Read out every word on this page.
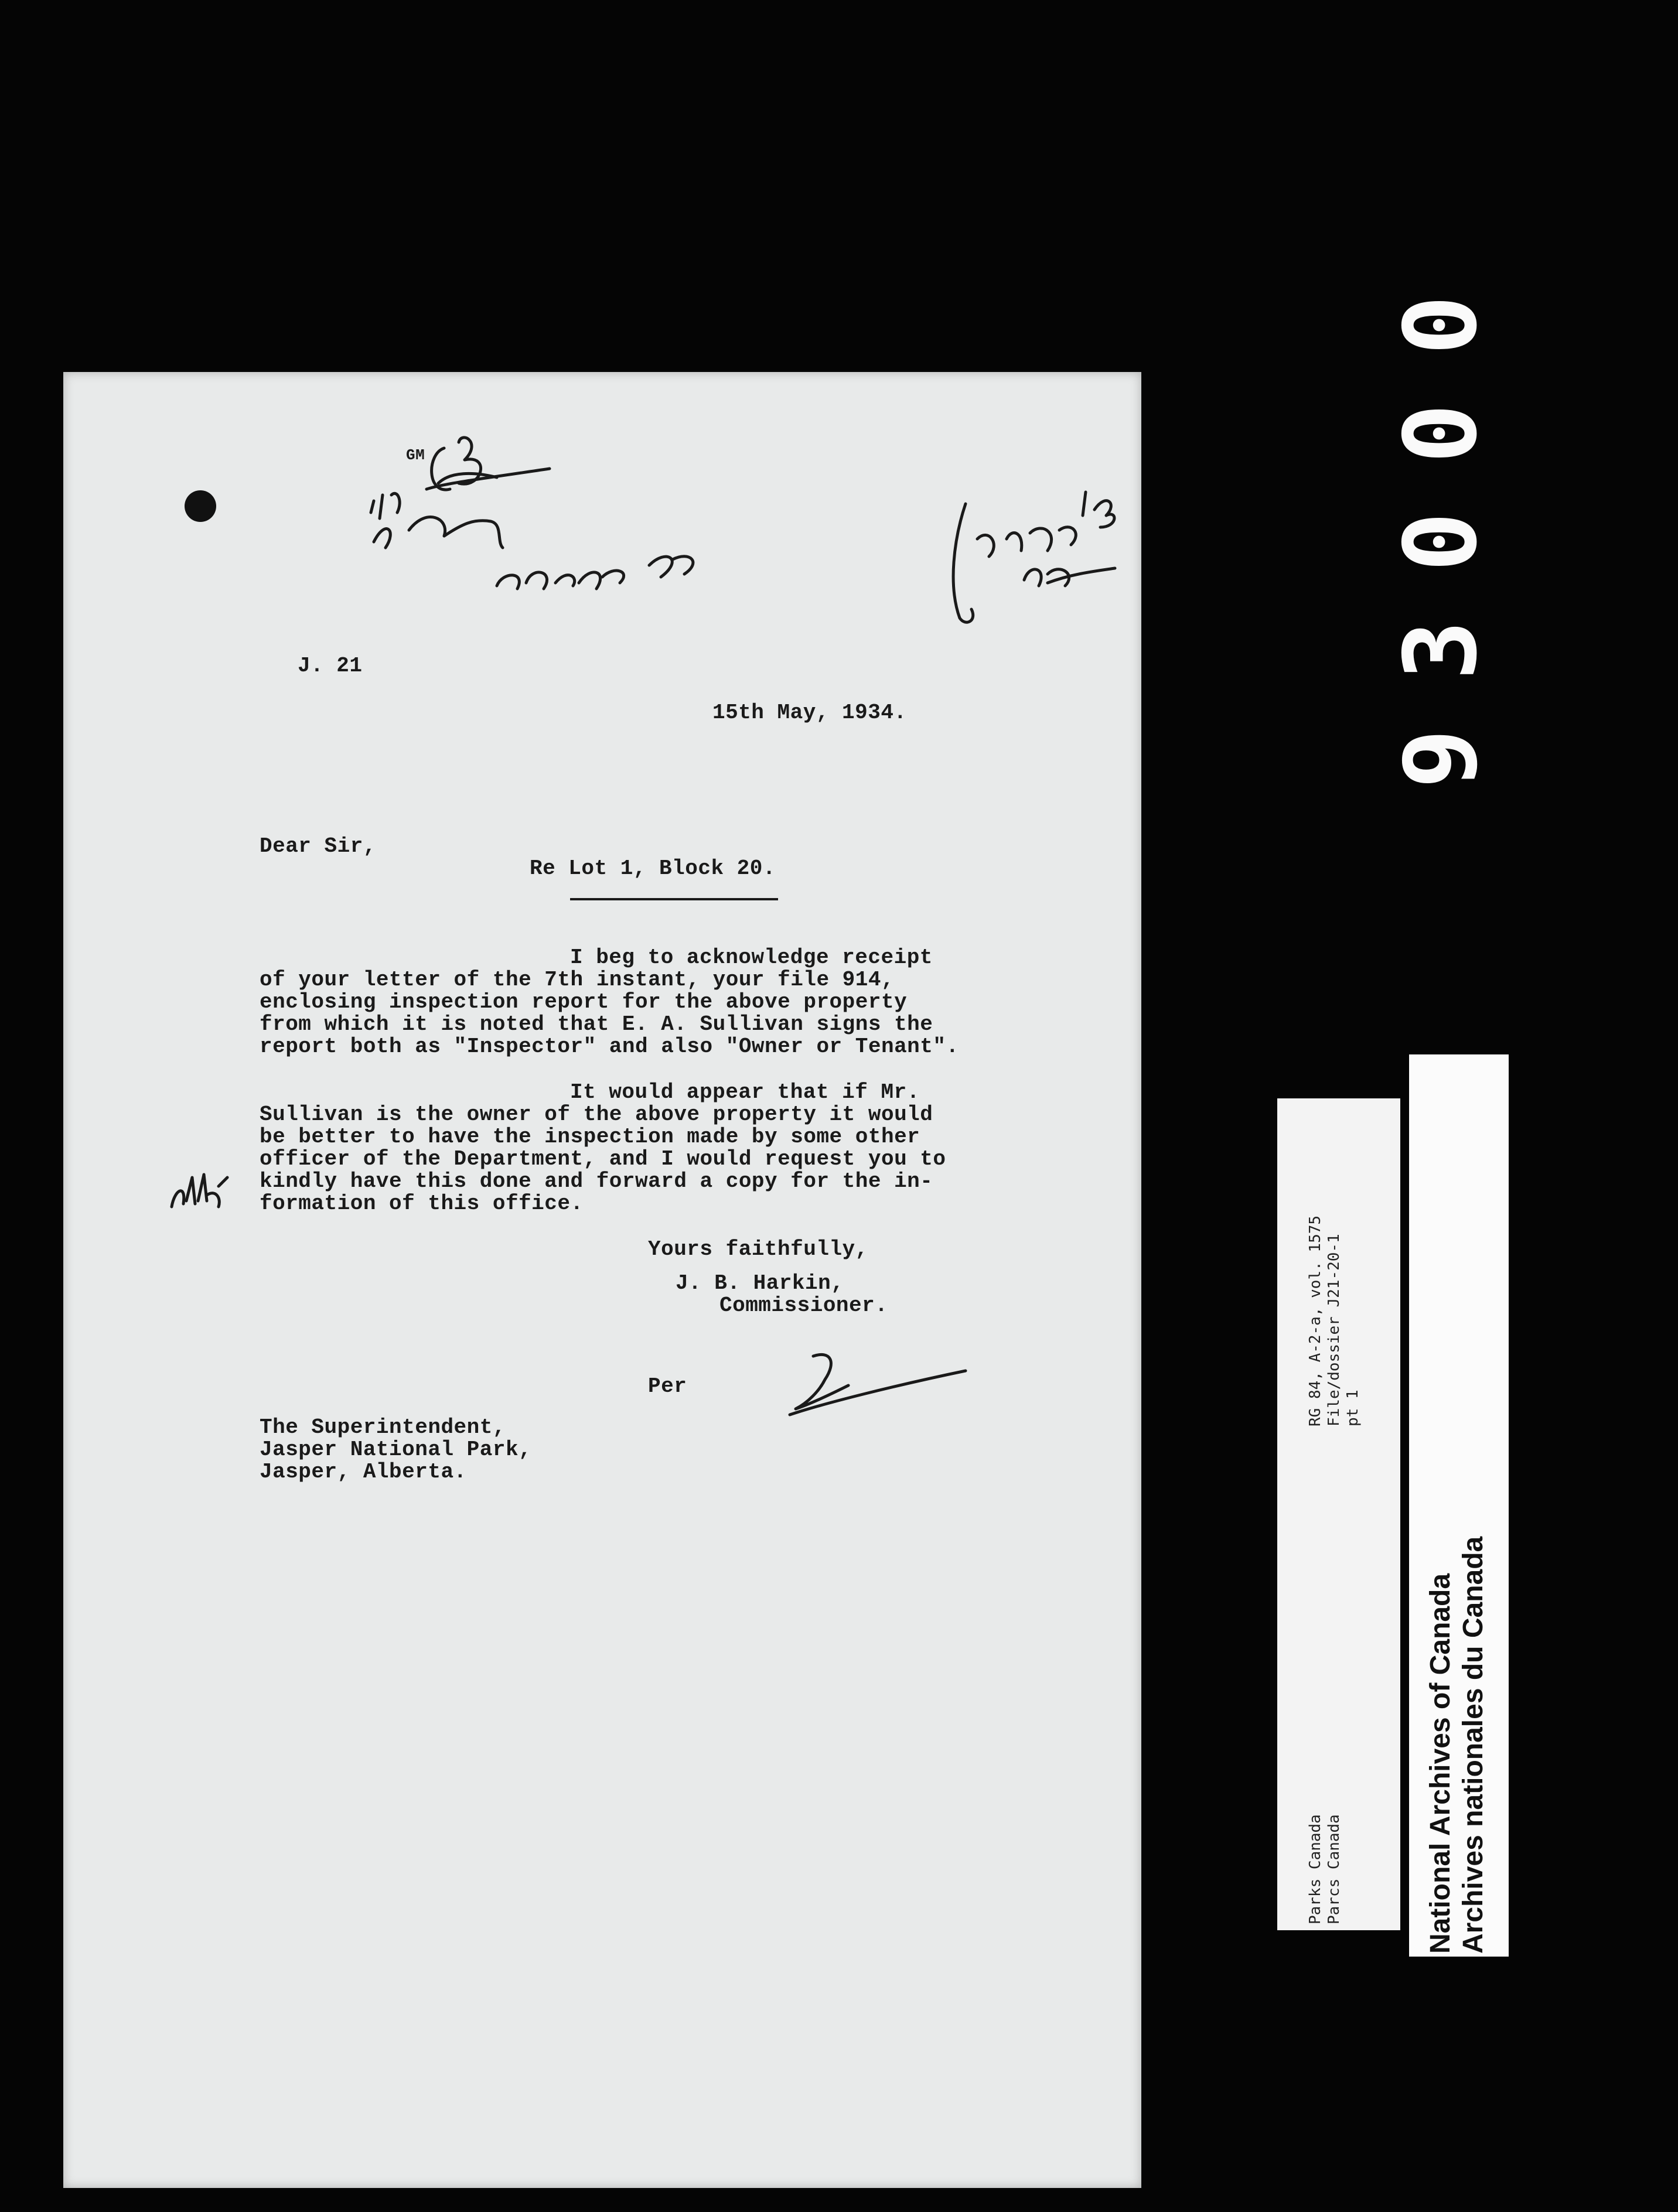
0
0
0
3
9
GM
J. 21
15th May, 1934.
Dear Sir,
Re Lot 1, Block 20.
I beg to acknowledge receipt
of your letter of the 7th instant, your file 914,
enclosing inspection report for the above property
from which it is noted that E. A. Sullivan signs the
report both as "Inspector" and also "Owner or Tenant".
It would appear that if Mr.
Sullivan is the owner of the above property it would
be better to have the inspection made by some other
officer of the Department, and I would request you to
kindly have this done and forward a copy for the in-
formation of this office.
Yours faithfully,
J. B. Harkin,
Commissioner.
Per
The Superintendent,
Jasper National Park,
Jasper, Alberta.
Parks Canada Parcs Canada
RG 84, A-2-a, vol. 1575 File/dossier J21-20-1 pt 1
National Archives of Canada Archives nationales du Canada
